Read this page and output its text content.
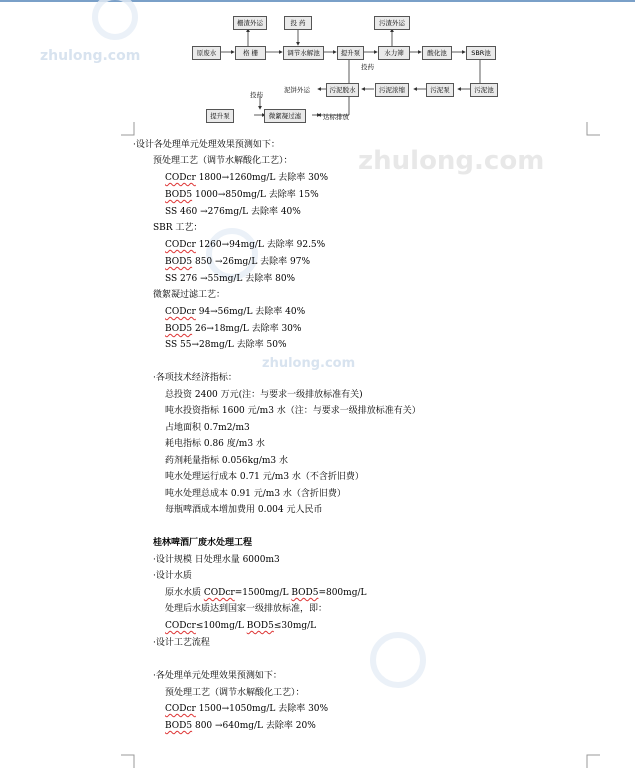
zhulong.com
zhulong.com
zhulong.com
栅渣外运	投 药	污渣外运
原废水	格 栅	调节水解池	提升泵	水力筛	酸化池	SBR池
污泥脱水	污泥浓缩	污泥泵	污泥池
提升泵	微絮凝过滤
投药
泥饼外运
投药
达标排放
·设计各处理单元处理效果预测如下：
预处理工艺（调节水解酸化工艺）：
CODcr 1800→1260mg/L 去除率 30%
BOD5 1000→850mg/L 去除率 15%
SS 460 →276mg/L 去除率 40%
SBR 工艺：
CODcr 1260→94mg/L 去除率 92.5%
BOD5 850 →26mg/L 去除率 97%
SS 276 →55mg/L 去除率 80%
微絮凝过滤工艺：
CODcr 94→56mg/L 去除率 40%
BOD5 26→18mg/L 去除率 30%
SS 55→28mg/L 去除率 50%
·各项技术经济指标：
总投资 2400 万元(注：与要求一级排放标准有关)
吨水投资指标 1600 元/m3 水（注：与要求一级排放标准有关）
占地面积 0.7m2/m3
耗电指标 0.86 度/m3 水
药剂耗量指标 0.056kg/m3 水
吨水处理运行成本 0.71 元/m3 水（不含折旧费）
吨水处理总成本 0.91 元/m3 水（含折旧费）
每瓶啤酒成本增加费用 0.004 元人民币
桂林啤酒厂废水处理工程
·设计规模 日处理水量 6000m3
·设计水质
原水水质 CODcr=1500mg/L BOD5=800mg/L
处理后水质达到国家一级排放标准，即：
CODcr≤100mg/L BOD5≤30mg/L
·设计工艺流程
·各处理单元处理效果预测如下：
预处理工艺（调节水解酸化工艺）：
CODcr 1500→1050mg/L 去除率 30%
BOD5 800 →640mg/L 去除率 20%
